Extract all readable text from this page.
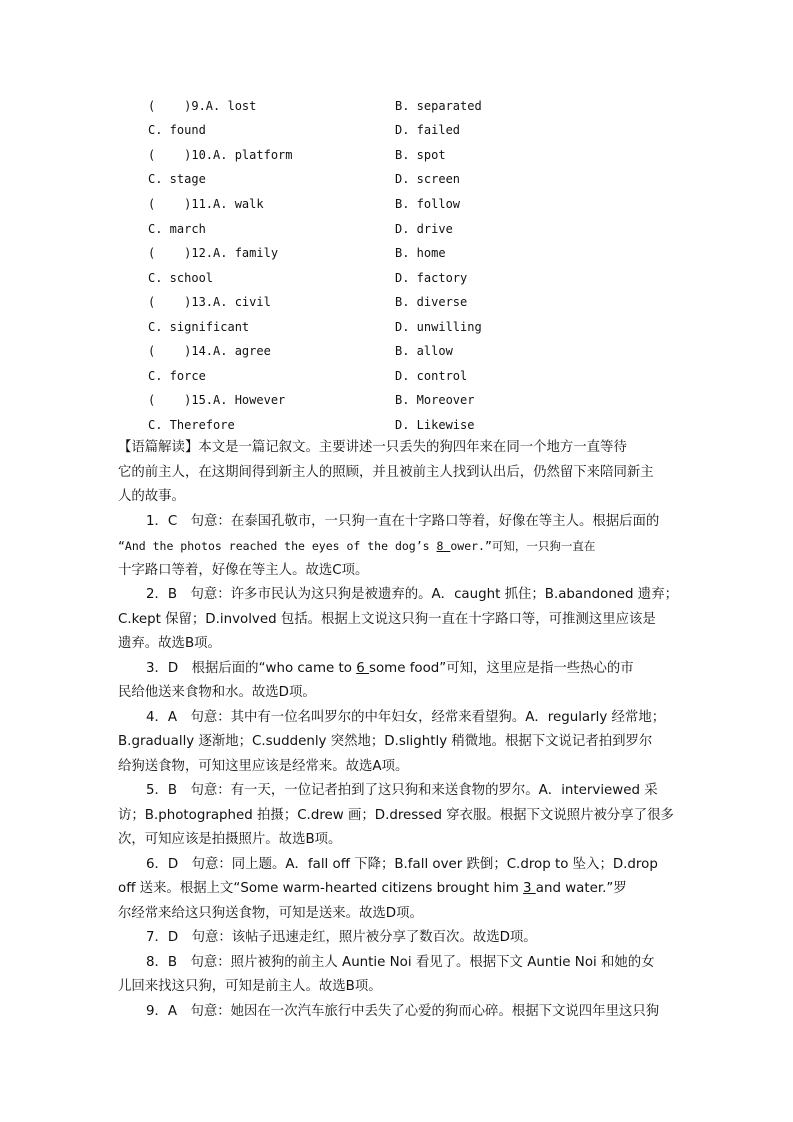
(    )9.A. lost	B. separated
C. found	D. failed
(    )10.A. platform	B. spot
C. stage	D. screen
(    )11.A. walk	B. follow
C. march	D. drive
(    )12.A. family	B. home
C. school	D. factory
(    )13.A. civil	B. diverse
C. significant	D. unwilling
(    )14.A. agree	B. allow
C. force	D. control
(    )15.A. However	B. Moreover
C. Therefore	D. Likewise
【语篇解读】本文是一篇记叙文。主要讲述一只丢失的狗四年来在同一个地方一直等待
它的前主人，在这期间得到新主人的照顾，并且被前主人找到认出后，仍然留下来陪同新主
人的故事。
1．C　句意：在泰国孔敬市，一只狗一直在十字路口等着，好像在等主人。根据后面的
“And the photos reached the eyes of the dog’s 8 ower.”可知，一只狗一直在
十字路口等着，好像在等主人。故选C项。
2．B　句意：许多市民认为这只狗是被遗弃的。A．caught 抓住；B.abandoned 遗弃；
C.kept 保留；D.involved 包括。根据上文说这只狗一直在十字路口等，可推测这里应该是
遗弃。故选B项。
3．D　根据后面的“who came to 6 some food”可知，这里应是指一些热心的市
民给他送来食物和水。故选D项。
4．A　句意：其中有一位名叫罗尔的中年妇女，经常来看望狗。A．regularly 经常地；
B.gradually 逐渐地；C.suddenly 突然地；D.slightly 稍微地。根据下文说记者拍到罗尔
给狗送食物，可知这里应该是经常来。故选A项。
5．B　句意：有一天，一位记者拍到了这只狗和来送食物的罗尔。A．interviewed 采
访；B.photographed 拍摄；C.drew 画；D.dressed 穿衣服。根据下文说照片被分享了很多
次，可知应该是拍摄照片。故选B项。
6．D　句意：同上题。A．fall off 下降；B.fall over 跌倒；C.drop to 坠入；D.drop
off 送来。根据上文“Some warm-hearted citizens brought him 3 and water.”罗
尔经常来给这只狗送食物，可知是送来。故选D项。
7．D　句意：该帖子迅速走红，照片被分享了数百次。故选D项。
8．B　句意：照片被狗的前主人 Auntie Noi 看见了。根据下文 Auntie Noi 和她的女
儿回来找这只狗，可知是前主人。故选B项。
9．A　句意：她因在一次汽车旅行中丢失了心爱的狗而心碎。根据下文说四年里这只狗
